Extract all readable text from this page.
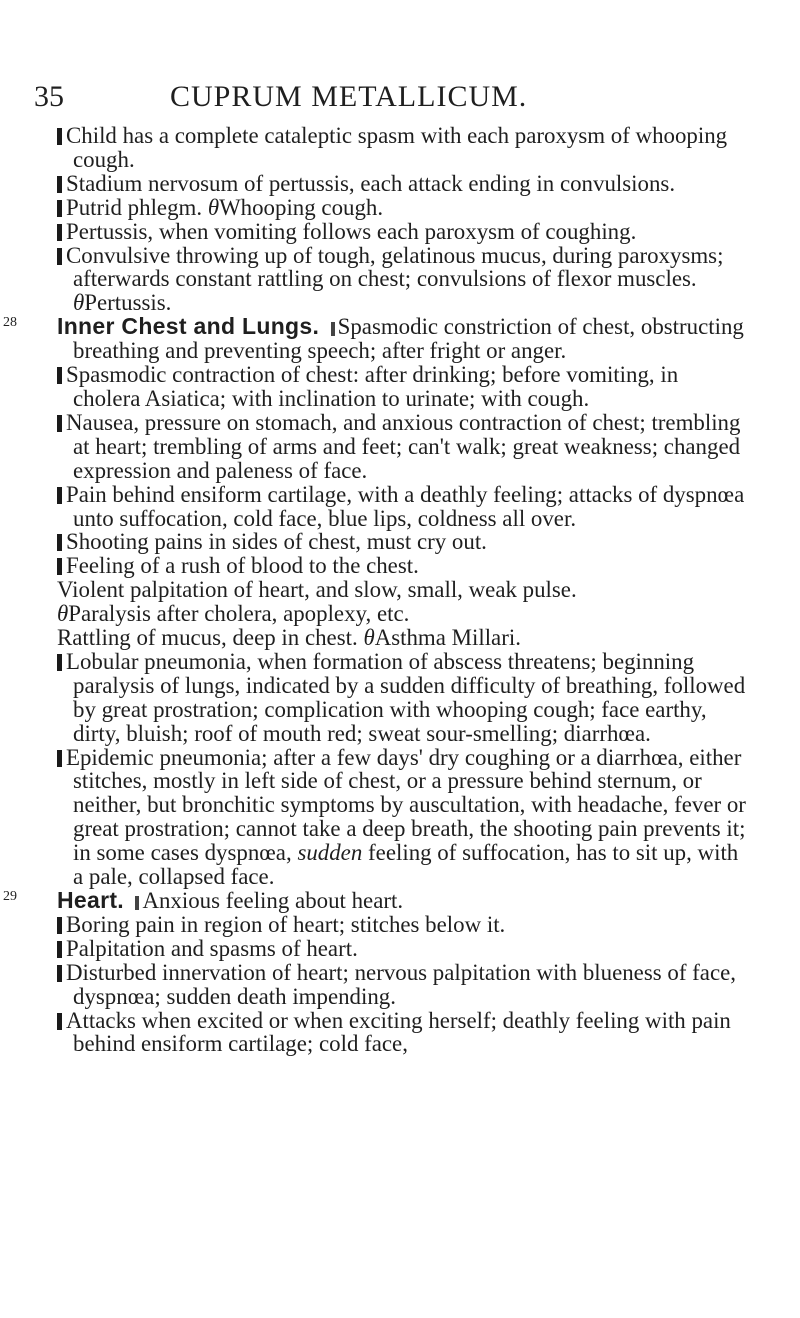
35	CUPRUM METALLICUM.
Child has a complete cataleptic spasm with each paroxysm of whooping cough.
Stadium nervosum of pertussis, each attack ending in convulsions.
Putrid phlegm. θWhooping cough.
Pertussis, when vomiting follows each paroxysm of coughing.
Convulsive throwing up of tough, gelatinous mucus, during paroxysms; afterwards constant rattling on chest; convulsions of flexor muscles. θPertussis.
28 Inner Chest and Lungs. Spasmodic constriction of chest, obstructing breathing and preventing speech; after fright or anger.
Spasmodic contraction of chest: after drinking; before vomiting, in cholera Asiatica; with inclination to urinate; with cough.
Nausea, pressure on stomach, and anxious contraction of chest; trembling at heart; trembling of arms and feet; can't walk; great weakness; changed expression and paleness of face.
Pain behind ensiform cartilage, with a deathly feeling; attacks of dyspnœa unto suffocation, cold face, blue lips, coldness all over.
Shooting pains in sides of chest, must cry out.
Feeling of a rush of blood to the chest.
Violent palpitation of heart, and slow, small, weak pulse.
θParalysis after cholera, apoplexy, etc.
Rattling of mucus, deep in chest. θAsthma Millari.
Lobular pneumonia, when formation of abscess threatens; beginning paralysis of lungs, indicated by a sudden difficulty of breathing, followed by great prostration; complication with whooping cough; face earthy, dirty, bluish; roof of mouth red; sweat sour-smelling; diarrhœa.
Epidemic pneumonia; after a few days' dry coughing or a diarrhœa, either stitches, mostly in left side of chest, or a pressure behind sternum, or neither, but bronchitic symptoms by auscultation, with headache, fever or great prostration; cannot take a deep breath, the shooting pain prevents it; in some cases dyspnœa, sudden feeling of suffocation, has to sit up, with a pale, collapsed face.
29 Heart. Anxious feeling about heart.
Boring pain in region of heart; stitches below it.
Palpitation and spasms of heart.
Disturbed innervation of heart; nervous palpitation with blueness of face, dyspnœa; sudden death impending.
Attacks when excited or when exciting herself; deathly feeling with pain behind ensiform cartilage; cold face,
